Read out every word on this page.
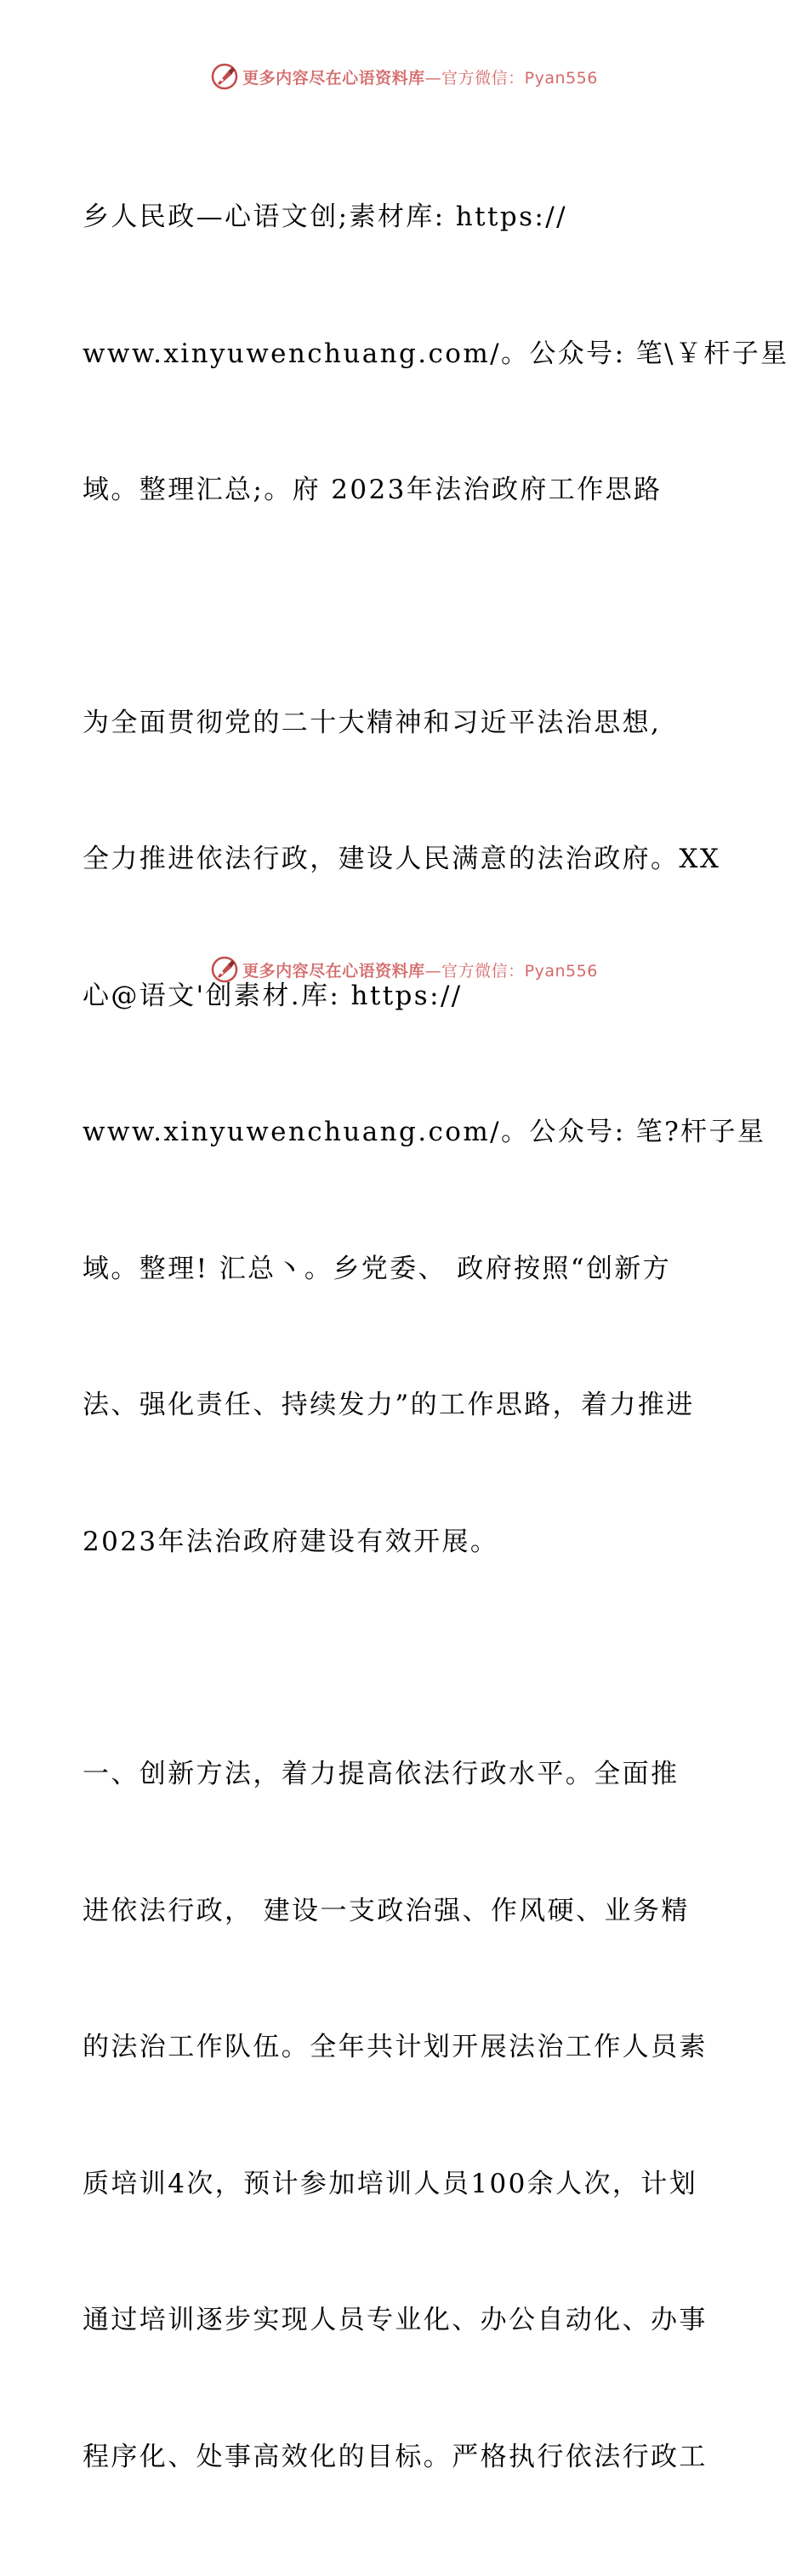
更多内容尽在心语资料库—官方微信：Pyan556

乡人民政—心语文创;素材库: https://

www.xinyuwenchuang.com/。公众号: 笔\￥杆子星

域。整理汇总;。府 2023年法治政府工作思路

为全面贯彻党的二十大精神和习近平法治思想,

全力推进依法行政，建设人民满意的法治政府。XX

心@语文'创素材.库: https://

www.xinyuwenchuang.com/。公众号: 笔?杆子星

域。整理! 汇总丶。乡党委、 政府按照“创新方

法、强化责任、持续发力”的工作思路，着力推进

2023年法治政府建设有效开展。

一、创新方法，着力提高依法行政水平。全面推

进依法行政， 建设一支政治强、作风硬、业务精

的法治工作队伍。全年共计划开展法治工作人员素

质培训4次，预计参加培训人员100余人次，计划

通过培训逐步实现人员专业化、办公自动化、办事

程序化、处事高效化的目标。严格执行依法行政工

更多内容尽在心语资料库—官方微信：Pyan556
